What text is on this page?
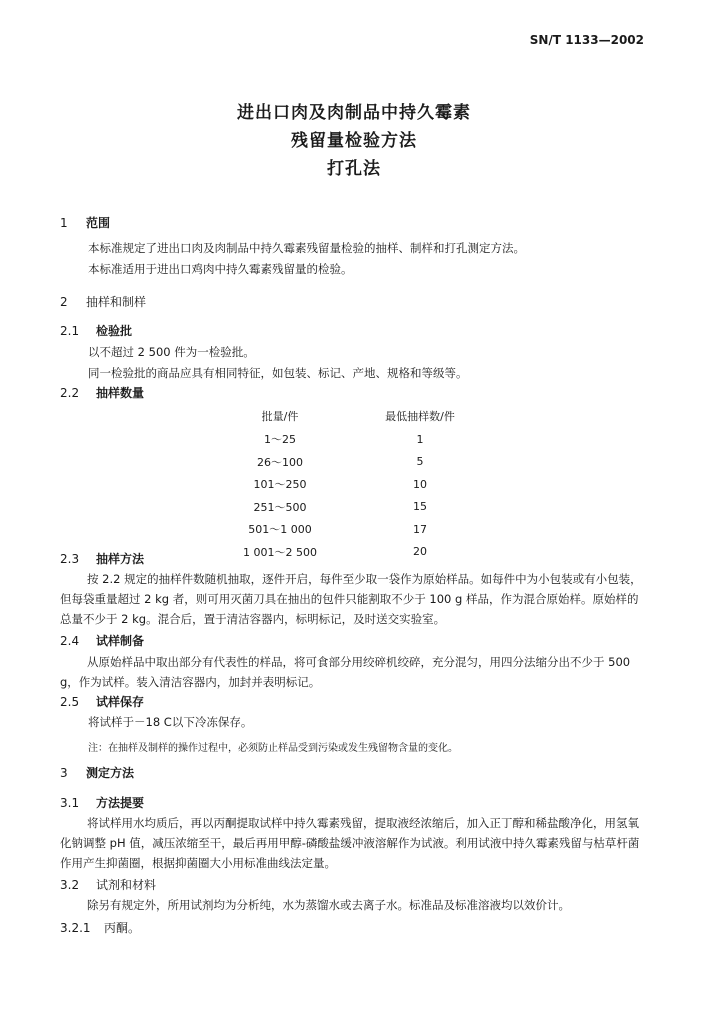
SN/T 1133—2002
进出口肉及肉制品中持久霉素
残留量检验方法
打孔法
1 范围
本标准规定了进出口肉及肉制品中持久霉素残留量检验的抽样、制样和打孔测定方法。
本标准适用于进出口鸡肉中持久霉素残留量的检验。
2 抽样和制样
2.1 检验批
以不超过 2 500 件为一检验批。
同一检验批的商品应具有相同特征，如包装、标记、产地、规格和等级等。
2.2 抽样数量
批量/件	最低抽样数/件
1～25	1
26～100	5
101～250	10
251～500	15
501～1 000	17
1 001～2 500	20
2.3 抽样方法
按 2.2 规定的抽样件数随机抽取，逐件开启，每件至少取一袋作为原始样品。如每件中为小包装或有小包装，但每袋重量超过 2 kg 者，则可用灭菌刀具在抽出的包件只能割取不少于 100 g 样品，作为混合原始样。原始样的总量不少于 2 kg。混合后，置于清洁容器内，标明标记，及时送交实验室。
2.4 试样制备
从原始样品中取出部分有代表性的样品，将可食部分用绞碎机绞碎，充分混匀，用四分法缩分出不少于 500 g，作为试样。装入清洁容器内，加封并表明标记。
2.5 试样保存
将试样于－18 C以下冷冻保存。
注：在抽样及制样的操作过程中，必须防止样品受到污染或发生残留物含量的变化。
3 测定方法
3.1 方法提要
将试样用水均质后，再以丙酮提取试样中持久霉素残留，提取液经浓缩后，加入正丁醇和稀盐酸净化，用氢氧化钠调整 pH 值，减压浓缩至干，最后再用甲醇-磷酸盐缓冲液溶解作为试液。利用试液中持久霉素残留与枯草杆菌作用产生抑菌圈，根据抑菌圈大小用标准曲线法定量。
3.2 试剂和材料
除另有规定外，所用试剂均为分析纯，水为蒸馏水或去离子水。标准品及标准溶液均以效价计。
3.2.1 丙酮。
